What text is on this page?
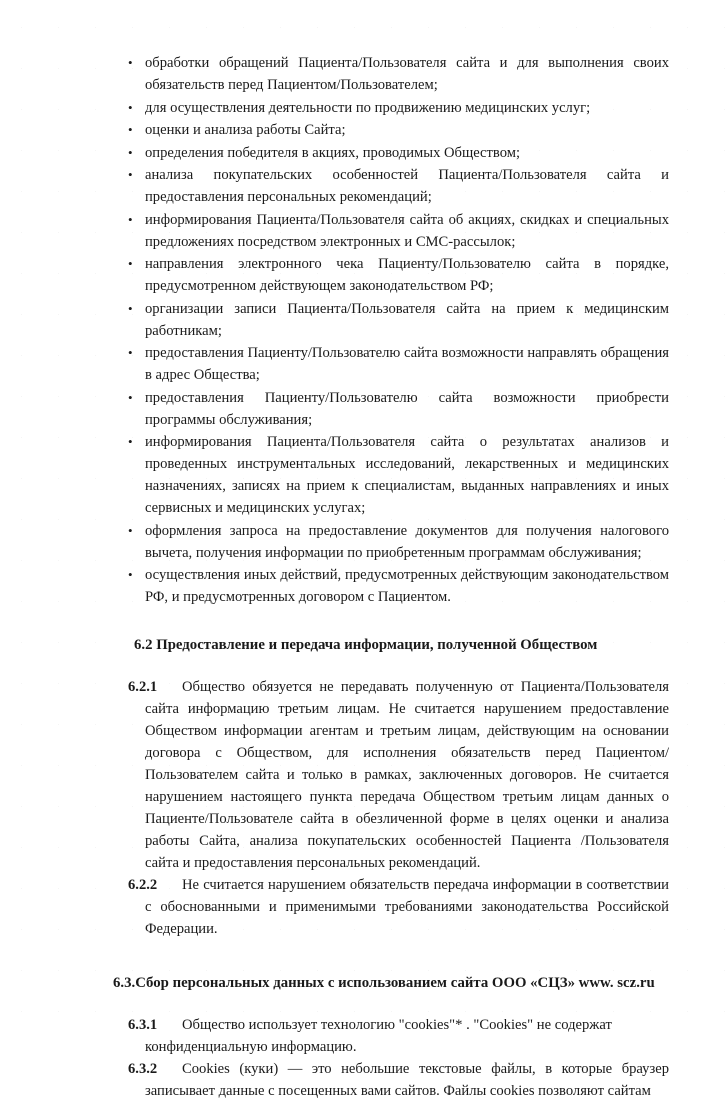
• обработки обращений Пациента/Пользователя сайта и для выполнения своих обязательств перед Пациентом/Пользователем;
• для осуществления деятельности по продвижению медицинских услуг;
• оценки и анализа работы Сайта;
• определения победителя в акциях, проводимых Обществом;
• анализа покупательских особенностей Пациента/Пользователя сайта и предоставления персональных рекомендаций;
• информирования Пациента/Пользователя сайта об акциях, скидках и специальных предложениях посредством электронных и СМС-рассылок;
• направления электронного чека Пациенту/Пользователю сайта в порядке, предусмотренном действующем законодательством РФ;
• организации записи Пациента/Пользователя сайта на прием к медицинским работникам;
• предоставления Пациенту/Пользователю сайта возможности направлять обращения в адрес Общества;
• предоставления Пациенту/Пользователю сайта возможности приобрести программы обслуживания;
• информирования Пациента/Пользователя сайта о результатах анализов и проведенных инструментальных исследований, лекарственных и медицинских назначениях, записях на прием к специалистам, выданных направлениях и иных сервисных и медицинских услугах;
• оформления запроса на предоставление документов для получения налогового вычета, получения информации по приобретенным программам обслуживания;
• осуществления иных действий, предусмотренных действующим законодательством РФ, и предусмотренных договором с Пациентом.
6.2 Предоставление и передача информации, полученной Обществом

6.2.1 Общество обязуется не передавать полученную от Пациента/Пользователя сайта информацию третьим лицам. Не считается нарушением предоставление Обществом информации агентам и третьим лицам, действующим на основании договора с Обществом, для исполнения обязательств перед Пациентом/Пользователем сайта и только в рамках, заключенных договоров. Не считается нарушением настоящего пункта передача Обществом третьим лицам данных о Пациенте/Пользователе сайта в обезличенной форме в целях оценки и анализа работы Сайта, анализа покупательских особенностей Пациента /Пользователя сайта и предоставления персональных рекомендаций.

6.2.2 Не считается нарушением обязательств передача информации в соответствии с обоснованными и применимыми требованиями законодательства Российской Федерации.

6.3.Сбор персональных данных с использованием сайта ООО «СЦЗ» www. scz.ru

6.3.1 Общество использует технологию "cookies"* . "Cookies" не содержат конфиденциальную информацию.

6.3.2 Cookies (куки) — это небольшие текстовые файлы, в которые браузер записывает данные с посещенных вами сайтов. Файлы cookies позволяют сайтам
